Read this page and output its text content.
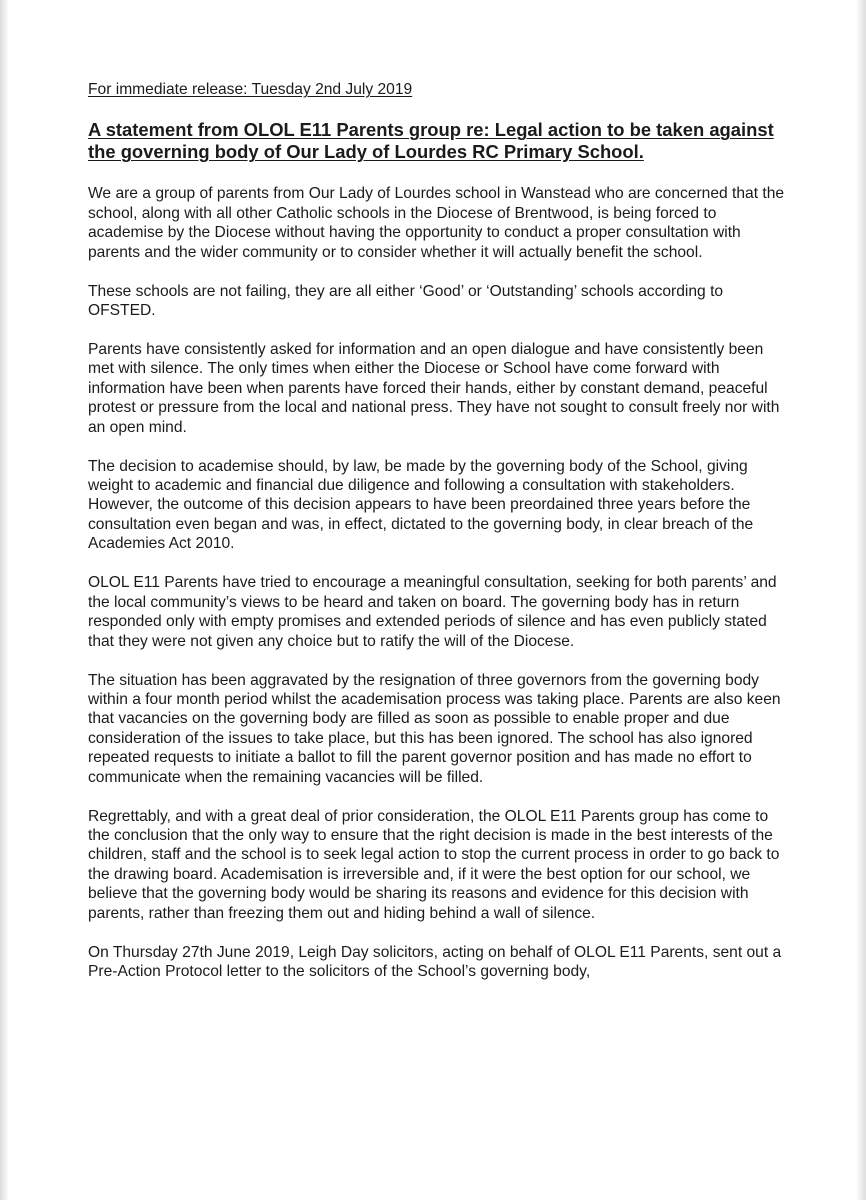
For immediate release: Tuesday 2nd July 2019

A statement from OLOL E11 Parents group re: Legal action to be taken against the governing body of Our Lady of Lourdes RC Primary School.

We are a group of parents from Our Lady of Lourdes school in Wanstead who are concerned that the school, along with all other Catholic schools in the Diocese of Brentwood, is being forced to academise by the Diocese without having the opportunity to conduct a proper consultation with parents and the wider community or to consider whether it will actually benefit the school.

These schools are not failing, they are all either ‘Good’ or ‘Outstanding’ schools according to OFSTED.

Parents have consistently asked for information and an open dialogue and have consistently been met with silence. The only times when either the Diocese or School have come forward with information have been when parents have forced their hands, either by constant demand, peaceful protest or pressure from the local and national press. They have not sought to consult freely nor with an open mind.

The decision to academise should, by law, be made by the governing body of the School, giving weight to academic and financial due diligence and following a consultation with stakeholders. However, the outcome of this decision appears to have been preordained three years before the consultation even began and was, in effect, dictated to the governing body, in clear breach of the Academies Act 2010.

OLOL E11 Parents have tried to encourage a meaningful consultation, seeking for both parents’ and the local community’s views to be heard and taken on board. The governing body has in return responded only with empty promises and extended periods of silence and has even publicly stated that they were not given any choice but to ratify the will of the Diocese.

The situation has been aggravated by the resignation of three governors from the governing body within a four month period whilst the academisation process was taking place. Parents are also keen that vacancies on the governing body are filled as soon as possible to enable proper and due consideration of the issues to take place, but this has been ignored. The school has also ignored repeated requests to initiate a ballot to fill the parent governor position and has made no effort to communicate when the remaining vacancies will be filled.

Regrettably, and with a great deal of prior consideration, the OLOL E11 Parents group has come to the conclusion that the only way to ensure that the right decision is made in the best interests of the children, staff and the school is to seek legal action to stop the current process in order to go back to the drawing board. Academisation is irreversible and, if it were the best option for our school, we believe that the governing body would be sharing its reasons and evidence for this decision with parents, rather than freezing them out and hiding behind a wall of silence.

On Thursday 27th June 2019, Leigh Day solicitors, acting on behalf of OLOL E11 Parents, sent out a Pre-Action Protocol letter to the solicitors of the School’s governing body,
